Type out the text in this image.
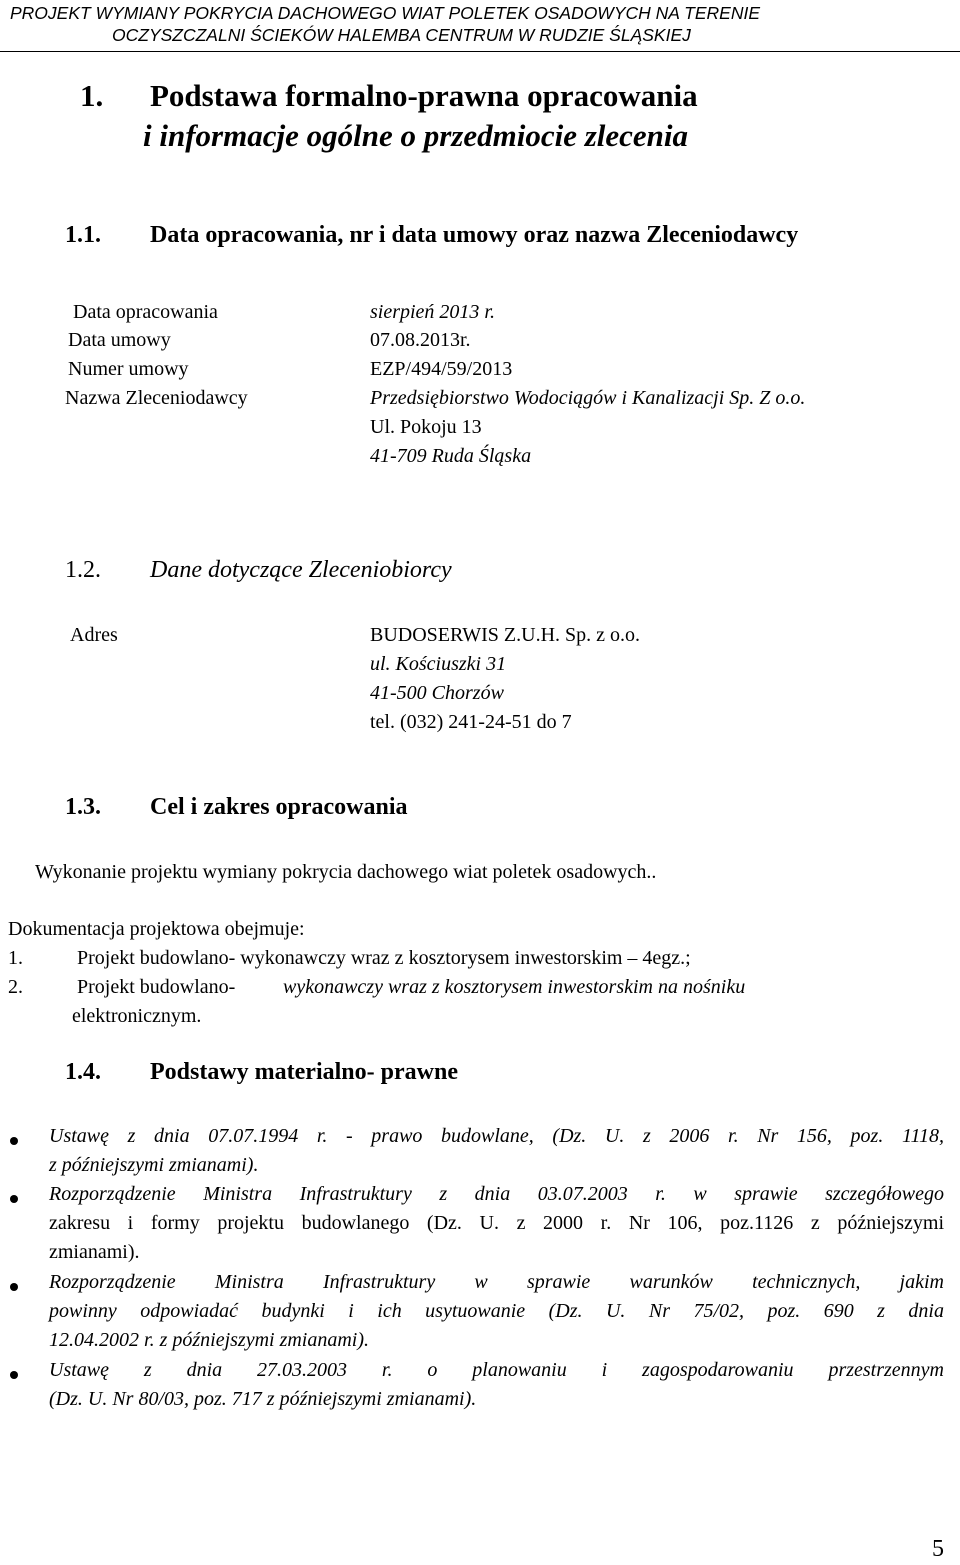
PROJEKT WYMIANY POKRYCIA DACHOWEGO WIAT POLETEK OSADOWYCH NA TERENIE
OCZYSZCZALNI ŚCIEKÓW HALEMBA CENTRUM W RUDZIE ŚLĄSKIEJ
1. Podstawa formalno-prawna opracowania
i informacje ogólne o przedmiocie zlecenia
1.1. Data opracowania, nr i data umowy oraz nazwa Zleceniodawcy
Data opracowania	sierpień 2013 r.
Data umowy	07.08.2013r.
Numer umowy	EZP/494/59/2013
Nazwa Zleceniodawcy	Przedsiębiorstwo Wodociągów i Kanalizacji Sp. Z o.o.
Ul. Pokoju 13
41-709 Ruda Śląska
1.2. Dane dotyczące Zleceniobiorcy
Adres	BUDOSERWIS Z.U.H. Sp. z o.o.
ul. Kościuszki 31
41-500 Chorzów
tel. (032) 241-24-51 do 7
1.3. Cel i zakres opracowania
Wykonanie projektu wymiany pokrycia dachowego wiat poletek osadowych..
Dokumentacja projektowa obejmuje:
1.	Projekt budowlano- wykonawczy wraz z kosztorysem inwestorskim – 4egz.;
2.	Projekt budowlano- wykonawczy wraz z kosztorysem inwestorskim na nośniku
elektronicznym.
1.4. Podstawy materialno- prawne
Ustawę z dnia 07.07.1994 r. - prawo budowlane, (Dz. U. z 2006 r. Nr 156, poz. 1118,
z późniejszymi zmianami).
Rozporządzenie Ministra Infrastruktury z dnia 03.07.2003 r. w sprawie szczegółowego
zakresu i formy projektu budowlanego (Dz. U. z 2000 r. Nr 106, poz.1126 z późniejszymi
zmianami).
Rozporządzenie Ministra Infrastruktury w sprawie warunków technicznych, jakim
powinny odpowiadać budynki i ich usytuowanie (Dz. U. Nr 75/02, poz. 690 z dnia
12.04.2002 r. z późniejszymi zmianami).
Ustawę z dnia 27.03.2003 r. o planowaniu i zagospodarowaniu przestrzennym
(Dz. U. Nr 80/03, poz. 717 z późniejszymi zmianami).
5
